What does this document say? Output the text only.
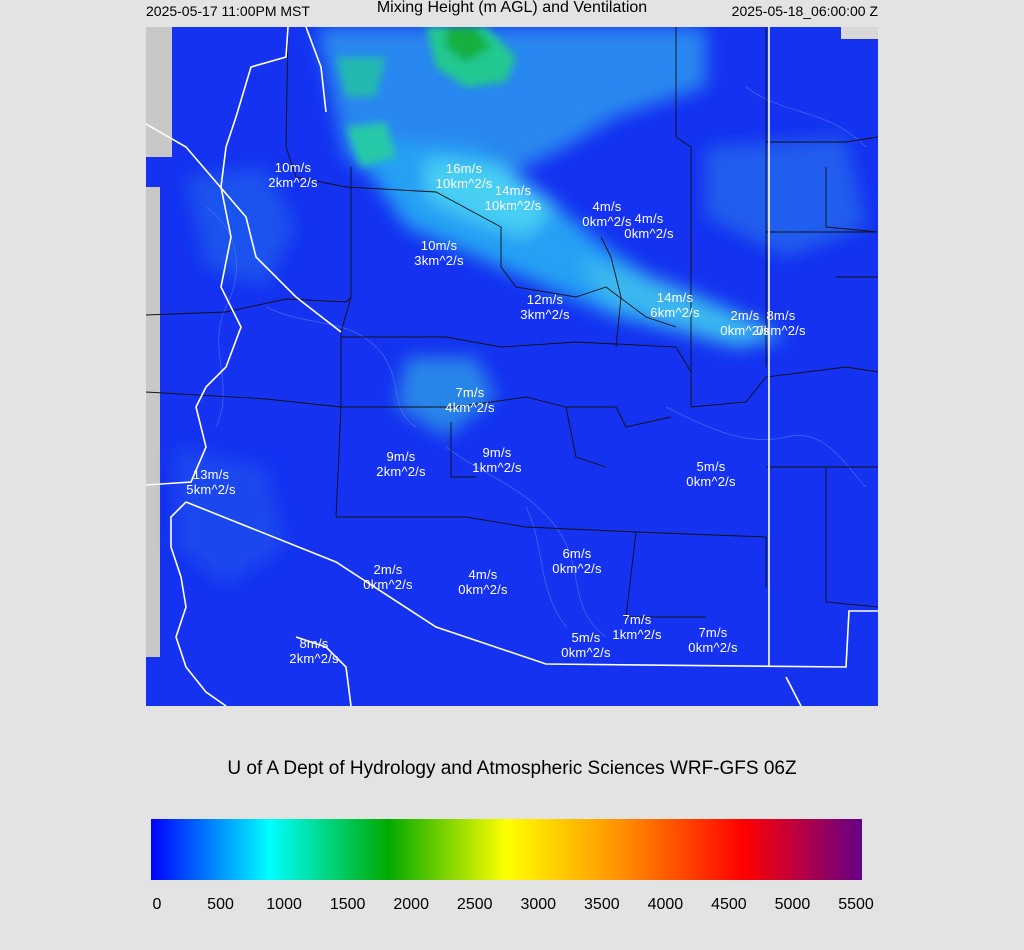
2025-05-17 11:00PM MST	Mixing Height (m AGL) and Ventilation	2025-05-18_06:00:00 Z
10m/s
2km^2/s
16m/s
10km^2/s 14m/s
10km^2/s	4m/s
0km^2/s 4m/s
0km^2/s
10m/s
3km^2/s
12m/s
3km^2/s
14m/s
6km^2/s	2m/s
0km^2/s
8m/s
0km^2/s
7m/s
4km^2/s
9m/s
2km^2/s
9m/s
1km^2/s
13m/s
5km^2/s
5m/s
0km^2/s
6m/s
0km^2/s
2m/s
0km^2/s
4m/s
0km^2/s
7m/s
1km^2/s	7m/s
0km^2/s
5m/s
0km^2/s
8m/s
2km^2/s
U of A Dept of Hydrology and Atmospheric Sciences WRF-GFS 06Z
0	500 1000 1500 2000 2500 3000 3500 4000 4500 5000 5500
